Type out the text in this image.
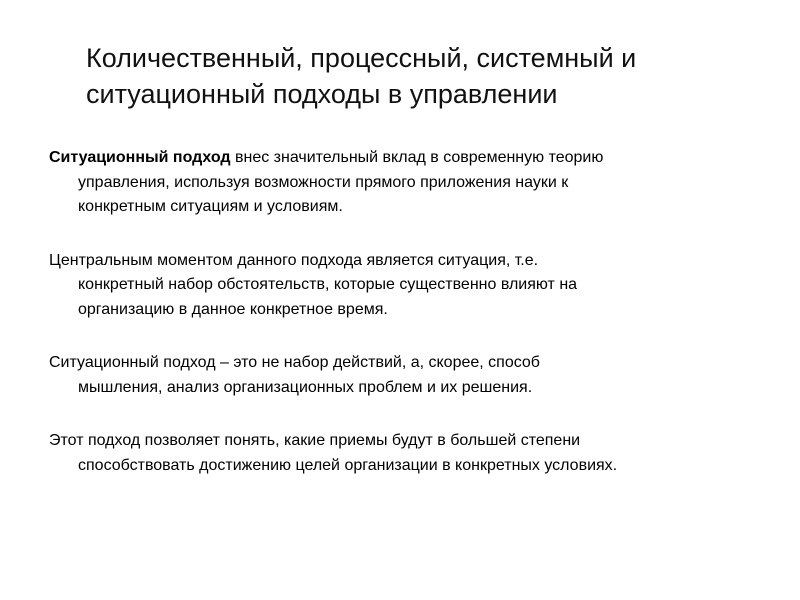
Количественный, процессный, системный и
ситуационный подходы в управлении
Ситуационный подход внес значительный вклад в современную теорию
управления, используя возможности прямого приложения науки к
конкретным ситуациям и условиям.
Центральным моментом данного подхода является ситуация, т.е.
конкретный набор обстоятельств, которые существенно влияют на
организацию в данное конкретное время.
Ситуационный подход – это не набор действий, а, скорее, способ
мышления, анализ организационных проблем и их решения.
Этот подход позволяет понять, какие приемы будут в большей степени
способствовать достижению целей организации в конкретных условиях.
